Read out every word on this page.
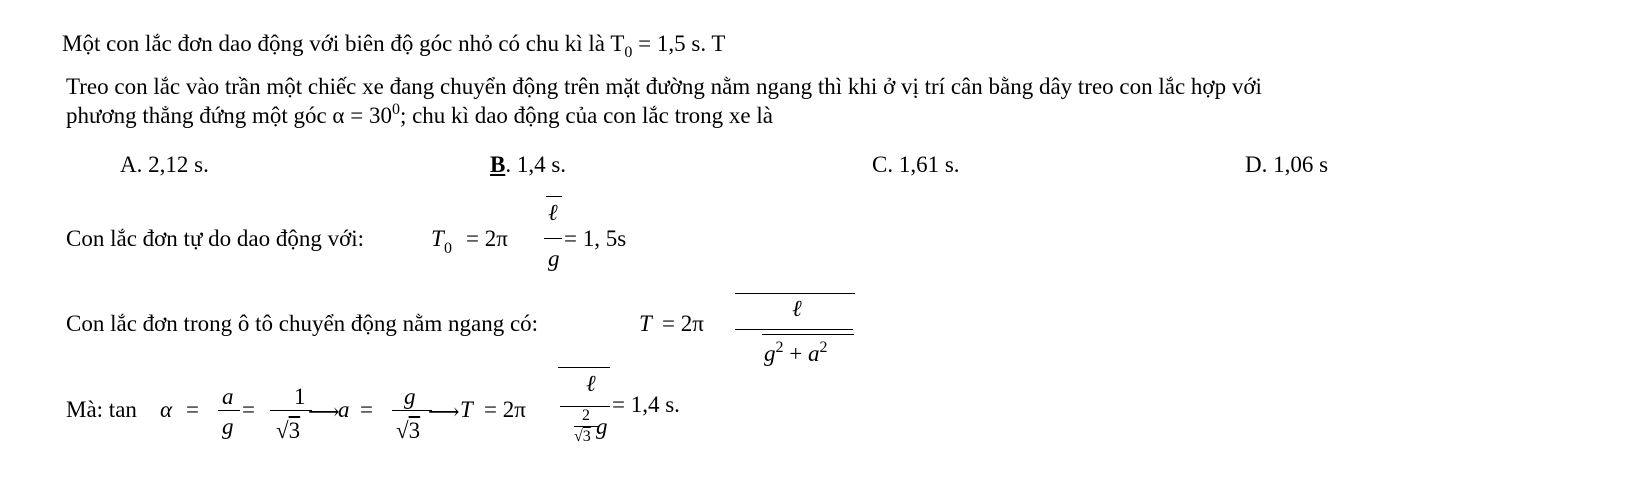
Một con lắc đơn dao động với biên độ góc nhỏ có chu kì là $T_0 = 1,5$ s. T
Treo con lắc vào trần một chiếc xe đang chuyển động trên mặt đường nằm ngang thì khi ở vị trí cân bằng dây treo con lắc hợp với
phương thẳng đứng một góc $\alpha = 30^0$; chu kì dao động của con lắc trong xe là
A. 2,12 s.	B. 1,4 s.	C. 1,61 s.	D. 1,06 s
Con lắc đơn tự do dao động với:	T 0 = 2π
ℓ
g
= 1, 5s
Con lắc đơn trong ô tô chuyển động nằm ngang có:	T = 2π
ℓ
$g^2 + a^2$
Mà: tan α =
a
g
=
1
√3
⟶
a =
g
√3
⟶ T = 2π
ℓ
2
√3 g
= 1,4 s.
